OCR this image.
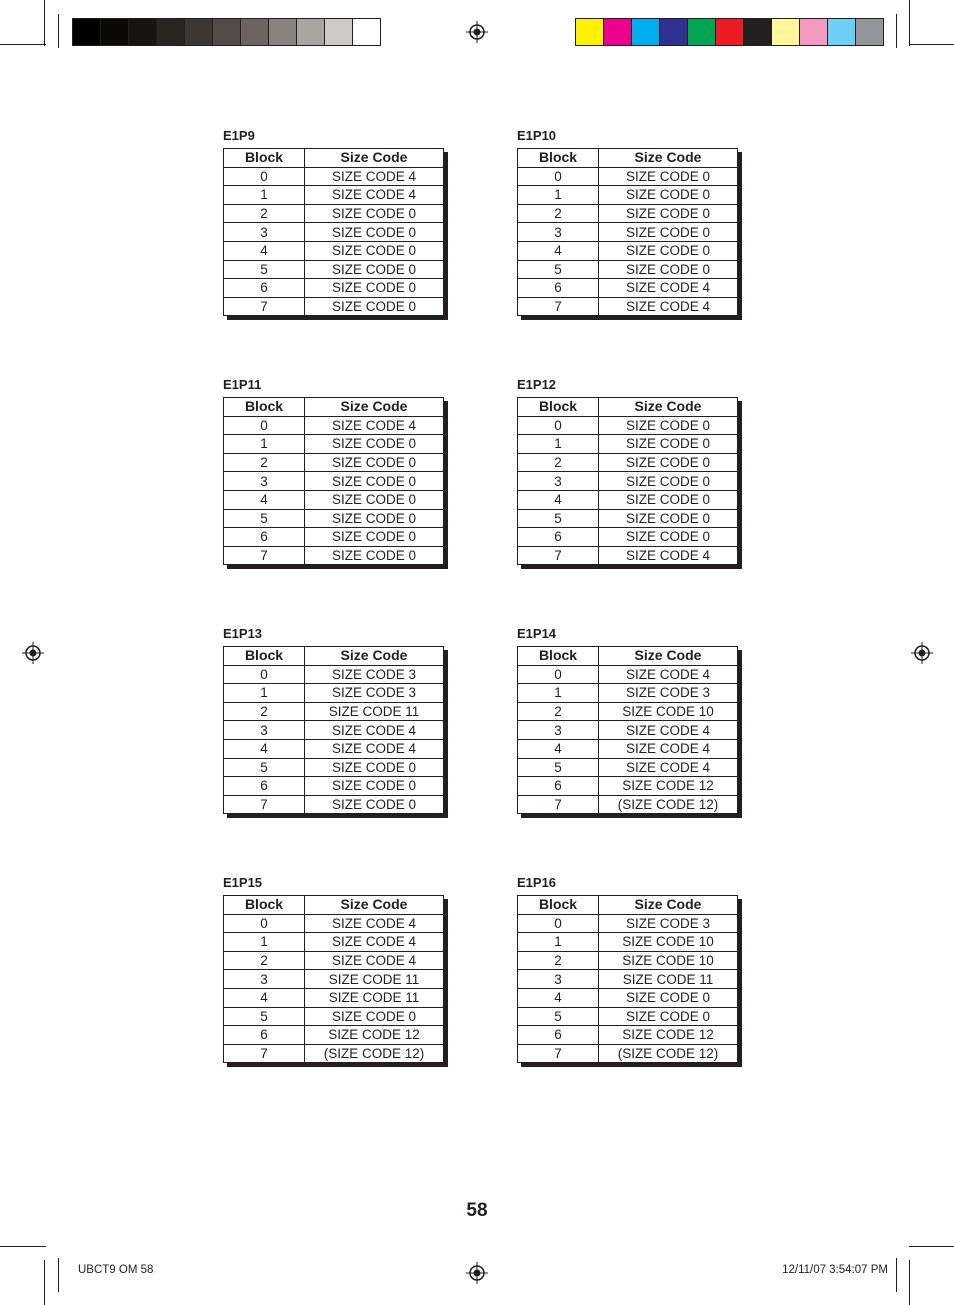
E1P9
Block	Size Code
0	SIZE CODE 4
1	SIZE CODE 4
2	SIZE CODE 0
3	SIZE CODE 0
4	SIZE CODE 0
5	SIZE CODE 0
6	SIZE CODE 0
7	SIZE CODE 0
E1P10
Block	Size Code
0	SIZE CODE 0
1	SIZE CODE 0
2	SIZE CODE 0
3	SIZE CODE 0
4	SIZE CODE 0
5	SIZE CODE 0
6	SIZE CODE 4
7	SIZE CODE 4
E1P11
Block	Size Code
0	SIZE CODE 4
1	SIZE CODE 0
2	SIZE CODE 0
3	SIZE CODE 0
4	SIZE CODE 0
5	SIZE CODE 0
6	SIZE CODE 0
7	SIZE CODE 0
E1P12
Block	Size Code
0	SIZE CODE 0
1	SIZE CODE 0
2	SIZE CODE 0
3	SIZE CODE 0
4	SIZE CODE 0
5	SIZE CODE 0
6	SIZE CODE 0
7	SIZE CODE 4
E1P13
Block	Size Code
0	SIZE CODE 3
1	SIZE CODE 3
2	SIZE CODE 11
3	SIZE CODE 4
4	SIZE CODE 4
5	SIZE CODE 0
6	SIZE CODE 0
7	SIZE CODE 0
E1P14
Block	Size Code
0	SIZE CODE 4
1	SIZE CODE 3
2	SIZE CODE 10
3	SIZE CODE 4
4	SIZE CODE 4
5	SIZE CODE 4
6	SIZE CODE 12
7	(SIZE CODE 12)
E1P15
Block	Size Code
0	SIZE CODE 4
1	SIZE CODE 4
2	SIZE CODE 4
3	SIZE CODE 11
4	SIZE CODE 11
5	SIZE CODE 0
6	SIZE CODE 12
7	(SIZE CODE 12)
E1P16
Block	Size Code
0	SIZE CODE 3
1	SIZE CODE 10
2	SIZE CODE 10
3	SIZE CODE 11
4	SIZE CODE 0
5	SIZE CODE 0
6	SIZE CODE 12
7	(SIZE CODE 12)
58
UBCT9 OM 58	12/11/07 3:54:07 PM
